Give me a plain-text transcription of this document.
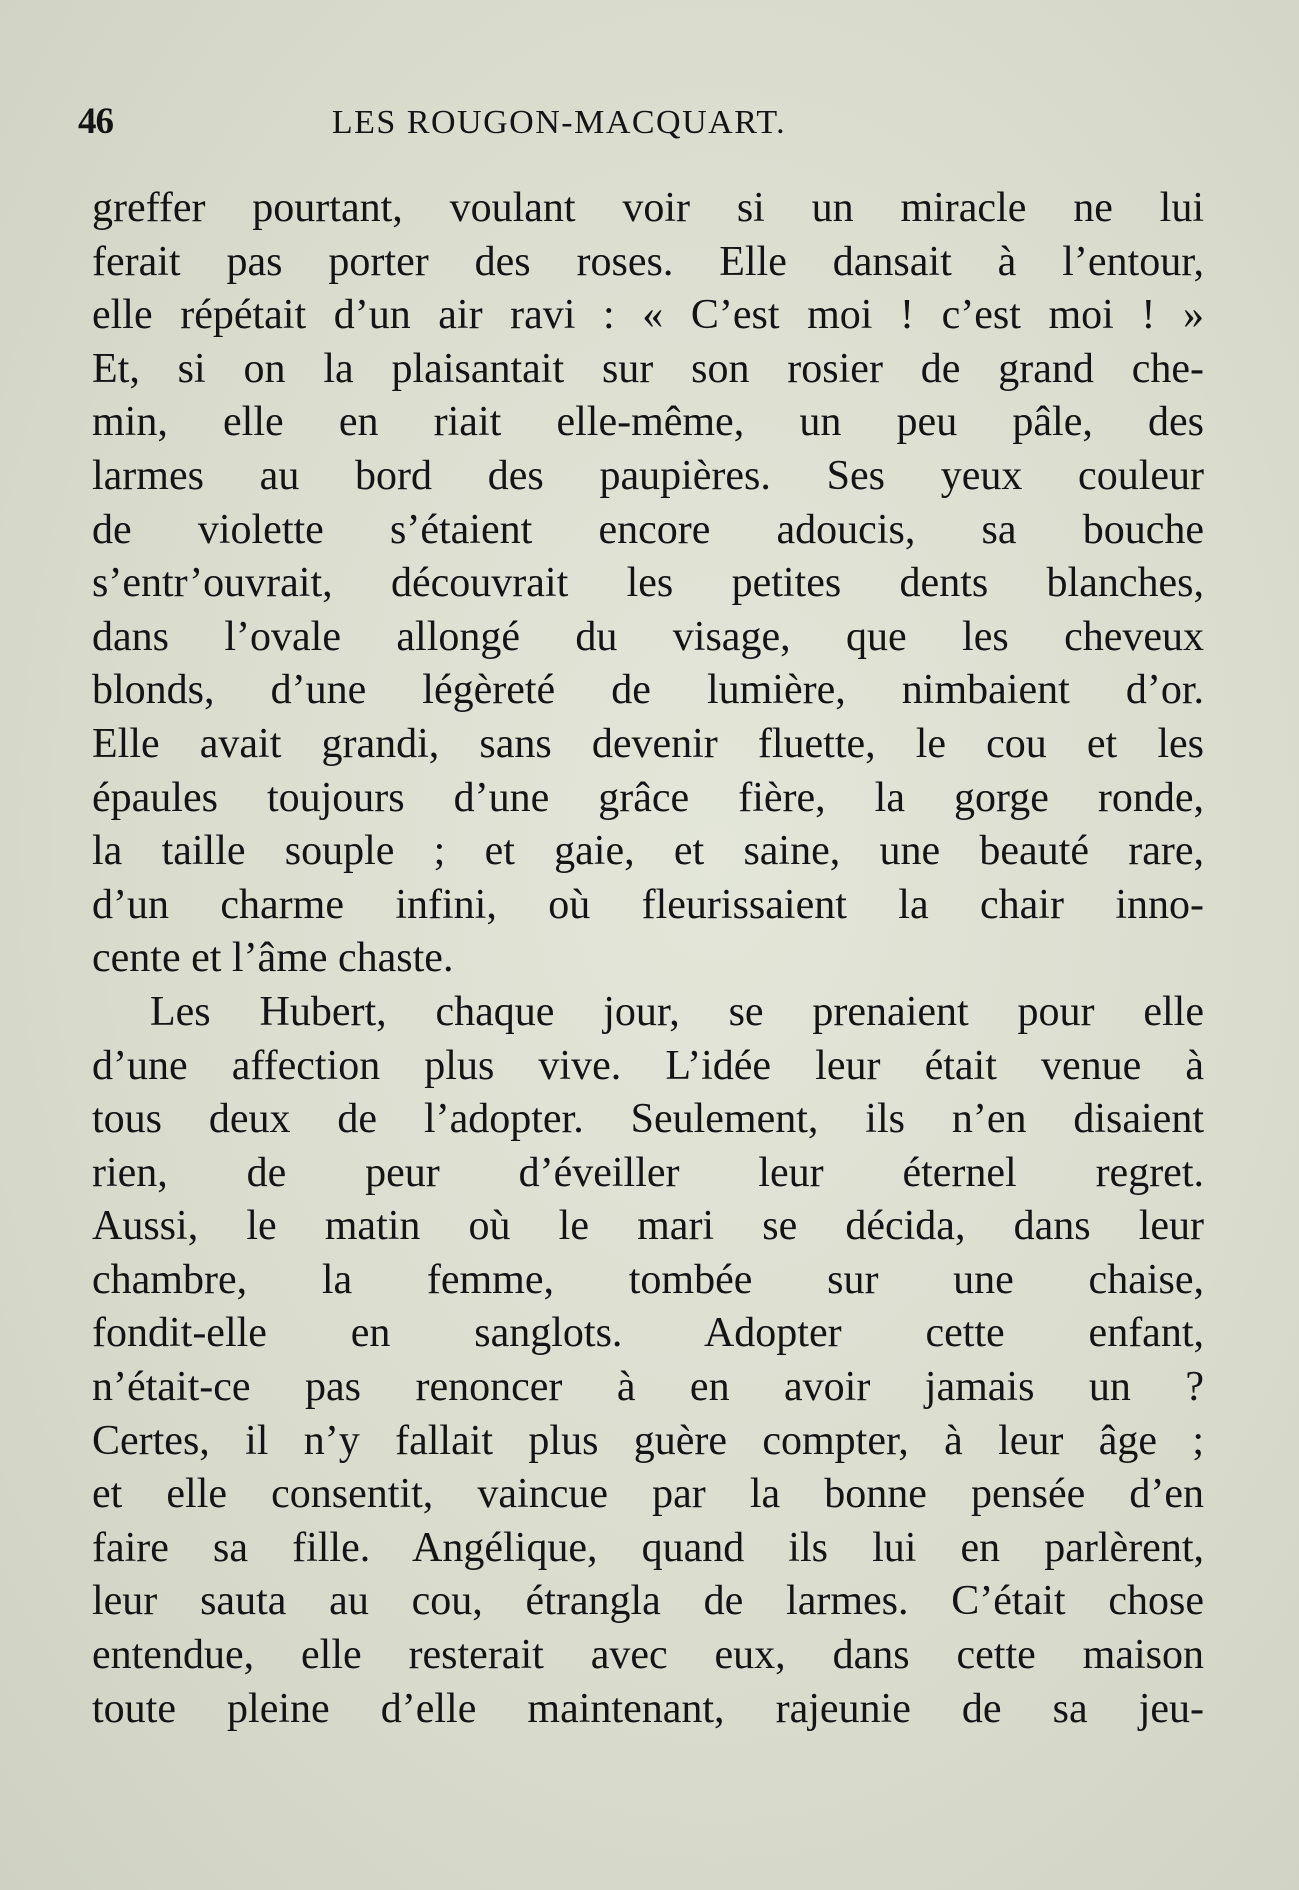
46	LES ROUGON-MACQUART.
greffer pourtant, voulant voir si un miracle ne lui
ferait pas porter des roses. Elle dansait à l’entour,
elle répétait d’un air ravi : « C’est moi ! c’est moi ! »
Et, si on la plaisantait sur son rosier de grand che-
min, elle en riait elle-même, un peu pâle, des
larmes au bord des paupières. Ses yeux couleur
de violette s’étaient encore adoucis, sa bouche
s’entr’ouvrait, découvrait les petites dents blanches,
dans l’ovale allongé du visage, que les cheveux
blonds, d’une légèreté de lumière, nimbaient d’or.
Elle avait grandi, sans devenir fluette, le cou et les
épaules toujours d’une grâce fière, la gorge ronde,
la taille souple ; et gaie, et saine, une beauté rare,
d’un charme infini, où fleurissaient la chair inno-
cente et l’âme chaste.
Les Hubert, chaque jour, se prenaient pour elle
d’une affection plus vive. L’idée leur était venue à
tous deux de l’adopter. Seulement, ils n’en disaient
rien, de peur d’éveiller leur éternel regret.
Aussi, le matin où le mari se décida, dans leur
chambre, la femme, tombée sur une chaise,
fondit-elle en sanglots. Adopter cette enfant,
n’était-ce pas renoncer à en avoir jamais un ?
Certes, il n’y fallait plus guère compter, à leur âge ;
et elle consentit, vaincue par la bonne pensée d’en
faire sa fille. Angélique, quand ils lui en parlèrent,
leur sauta au cou, étrangla de larmes. C’était chose
entendue, elle resterait avec eux, dans cette maison
toute pleine d’elle maintenant, rajeunie de sa jeu-
